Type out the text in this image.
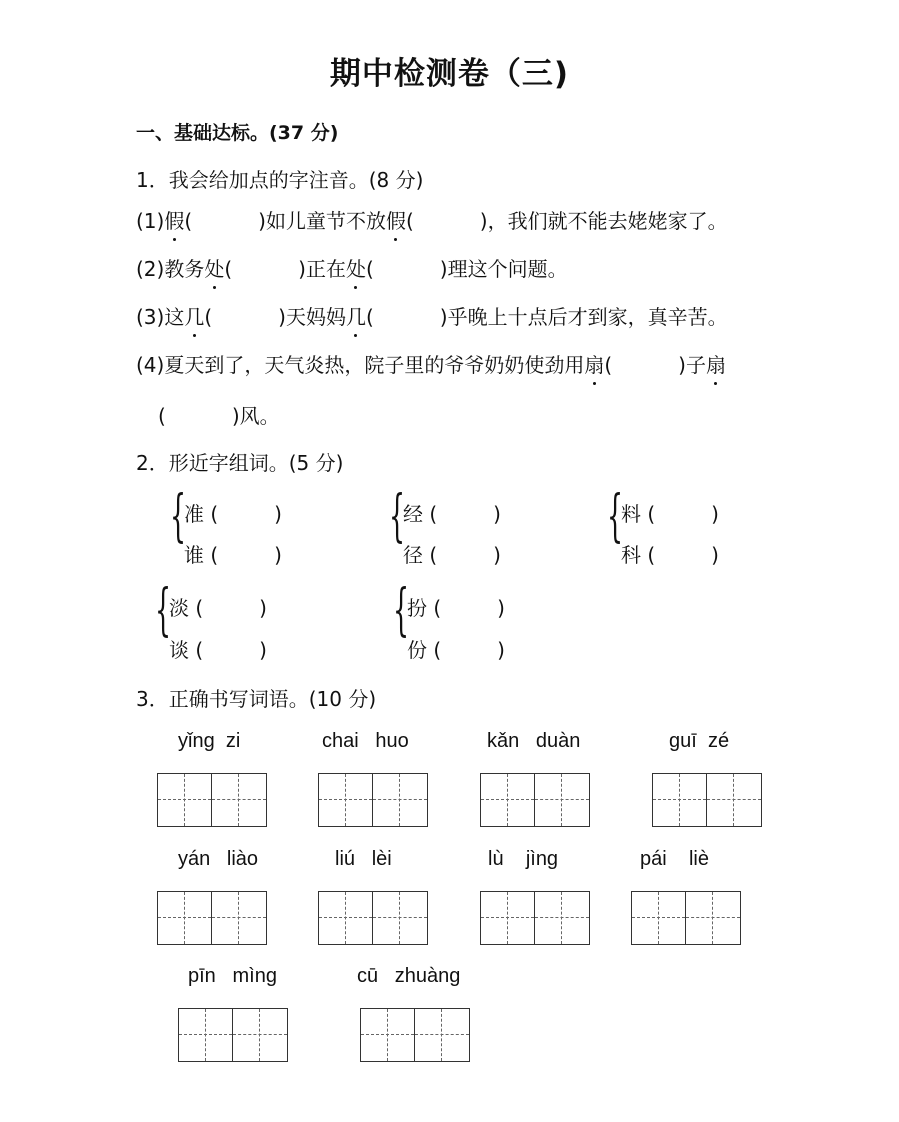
期中检测卷（三)
一、基础达标。(37 分)
1．我会给加点的字注音。(8 分)
(1)假(	)如儿童节不放假(	)，我们就不能去姥姥家了。
(2)教务处(	)正在处(	)理这个问题。
(3)这几(	)天妈妈几(	)乎晚上十点后才到家，真辛苦。
(4)夏天到了，天气炎热，院子里的爷爷奶奶使劲用扇(	)子扇
(	)风。
2．形近字组词。(5 分)
{
准 (	)
谁 (	)
{
经 (	)
径 (	)
{
料 (	)
科 (	)
{
淡 (	)
谈 (	)
{
扮 (	)
份 (	)
3．正确书写词语。(10 分)
yǐng zi	chai huo	kǎn duàn	guī zé
yán liào	liú lèi	lù jìng	pái liè
pīn mìng	cū zhuàng
